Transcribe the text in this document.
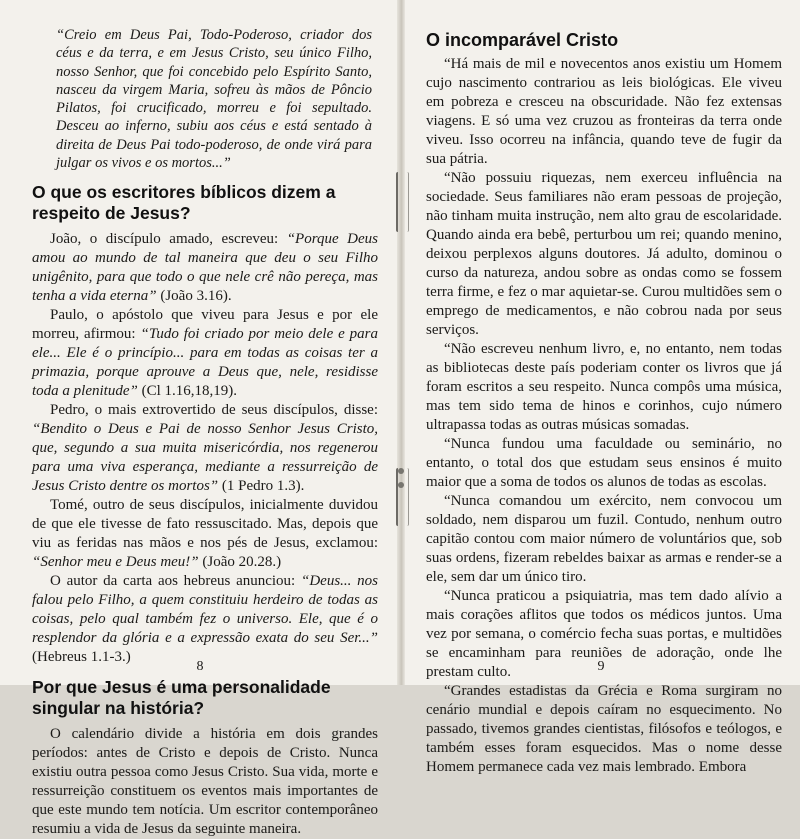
“Creio em Deus Pai, Todo-Poderoso, criador dos céus e da terra, e em Jesus Cristo, seu único Filho, nosso Senhor, que foi concebido pelo Espírito Santo, nasceu da virgem Maria, sofreu às mãos de Pôncio Pilatos, foi crucificado, morreu e foi sepultado. Desceu ao inferno, subiu aos céus e está sentado à direita de Deus Pai todo-poderoso, de onde virá para julgar os vivos e os mortos...”

O que os escritores bíblicos dizem a respeito de Jesus?

João, o discípulo amado, escreveu: “Porque Deus amou ao mundo de tal maneira que deu o seu Filho unigênito, para que todo o que nele crê não pereça, mas tenha a vida eterna” (João 3.16).

Paulo, o apóstolo que viveu para Jesus e por ele morreu, afirmou: “Tudo foi criado por meio dele e para ele... Ele é o princípio... para em todas as coisas ter a primazia, porque aprouve a Deus que, nele, residisse toda a plenitude” (Cl 1.16,18,19).

Pedro, o mais extrovertido de seus discípulos, disse: “Bendito o Deus e Pai de nosso Senhor Jesus Cristo, que, segundo a sua muita misericórdia, nos regenerou para uma viva esperança, mediante a ressurreição de Jesus Cristo dentre os mortos” (1 Pedro 1.3).

Tomé, outro de seus discípulos, inicialmente duvidou de que ele tivesse de fato ressuscitado. Mas, depois que viu as feridas nas mãos e nos pés de Jesus, exclamou: “Senhor meu e Deus meu!” (João 20.28.)

O autor da carta aos hebreus anunciou: “Deus... nos falou pelo Filho, a quem constituiu herdeiro de todas as coisas, pelo qual também fez o universo. Ele, que é o resplendor da glória e a expressão exata do seu Ser...” (Hebreus 1.1-3.)

Por que Jesus é uma personalidade singular na história?

O calendário divide a história em dois grandes períodos: antes de Cristo e depois de Cristo. Nunca existiu outra pessoa como Jesus Cristo. Sua vida, morte e ressurreição constituem os eventos mais importantes de que este mundo tem notícia. Um escritor contemporâneo resumiu a vida de Jesus da seguinte maneira.

8
O incomparável Cristo

“Há mais de mil e novecentos anos existiu um Homem cujo nascimento contrariou as leis biológicas. Ele viveu em pobreza e cresceu na obscuridade. Não fez extensas viagens. E só uma vez cruzou as fronteiras da terra onde viveu. Isso ocorreu na infância, quando teve de fugir da sua pátria.

“Não possuiu riquezas, nem exerceu influência na sociedade. Seus familiares não eram pessoas de projeção, não tinham muita instrução, nem alto grau de escolaridade. Quando ainda era bebê, perturbou um rei; quando menino, deixou perplexos alguns doutores. Já adulto, dominou o curso da natureza, andou sobre as ondas como se fossem terra firme, e fez o mar aquietar-se. Curou multidões sem o emprego de medicamentos, e não cobrou nada por seus serviços.

“Não escreveu nenhum livro, e, no entanto, nem todas as bibliotecas deste país poderiam conter os livros que já foram escritos a seu respeito. Nunca compôs uma música, mas tem sido tema de hinos e corinhos, cujo número ultrapassa todas as outras músicas somadas.

“Nunca fundou uma faculdade ou seminário, no entanto, o total dos que estudam seus ensinos é muito maior que a soma de todos os alunos de todas as escolas.

“Nunca comandou um exército, nem convocou um soldado, nem disparou um fuzil. Contudo, nenhum outro capitão contou com maior número de voluntários que, sob suas ordens, fizeram rebeldes baixar as armas e render-se a ele, sem dar um único tiro.

“Nunca praticou a psiquiatria, mas tem dado alívio a mais corações aflitos que todos os médicos juntos. Uma vez por semana, o comércio fecha suas portas, e multidões se encaminham para reuniões de adoração, onde lhe prestam culto.

“Grandes estadistas da Grécia e Roma surgiram no cenário mundial e depois caíram no esquecimento. No passado, tivemos grandes cientistas, filósofos e teólogos, e também esses foram esquecidos. Mas o nome desse Homem permanece cada vez mais lembrado. Embora

9
